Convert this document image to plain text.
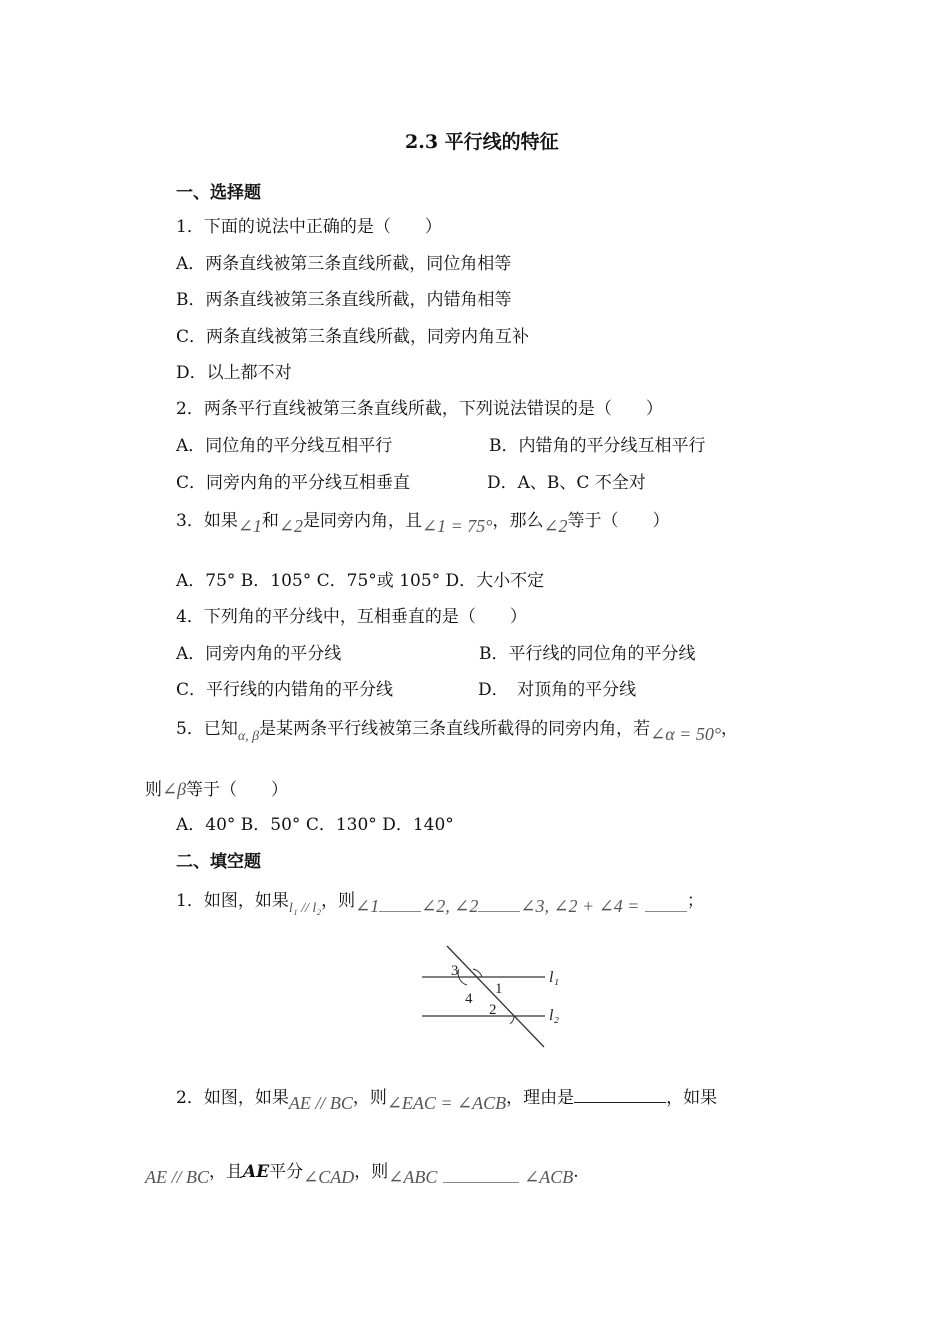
2.3 平行线的特征
一、选择题
1．下面的说法中正确的是（　　）
A．两条直线被第三条直线所截，同位角相等
B．两条直线被第三条直线所截，内错角相等
C．两条直线被第三条直线所截，同旁内角互补
D．以上都不对
2．两条平行直线被第三条直线所截，下列说法错误的是（　　）
A．同位角的平分线互相平行	B．内错角的平分线互相平行
C．同旁内角的平分线互相垂直	D．A、B、C 不全对
3．如果∠1和∠2是同旁内角，且∠1 = 75°，那么∠2等于（　　）
A．75° B．105° C．75°或 105° D．大小不定
4．下列角的平分线中，互相垂直的是（　　）
A．同旁内角的平分线	B．平行线的同位角的平分线
C．平行线的内错角的平分线	D．　对顶角的平分线
5．已知$_{\alpha, \beta}$是某两条平行线被第三条直线所截得的同旁内角，若∠α = 50°，
则∠β等于（　　）
A．40° B．50° C．130° D．140°
二、填空题
1．如图，如果$_{l_1 // l_2}$，则∠1 ∠2, ∠2 ∠3, ∠2 + ∠4 =	；
3
4
1
2
l₁
l₂
2．如图，如果AE // BC，则∠EAC = ∠ACB，理由是	，如果
AE // BC，且AE平分∠CAD，则∠ABC	∠ACB.
